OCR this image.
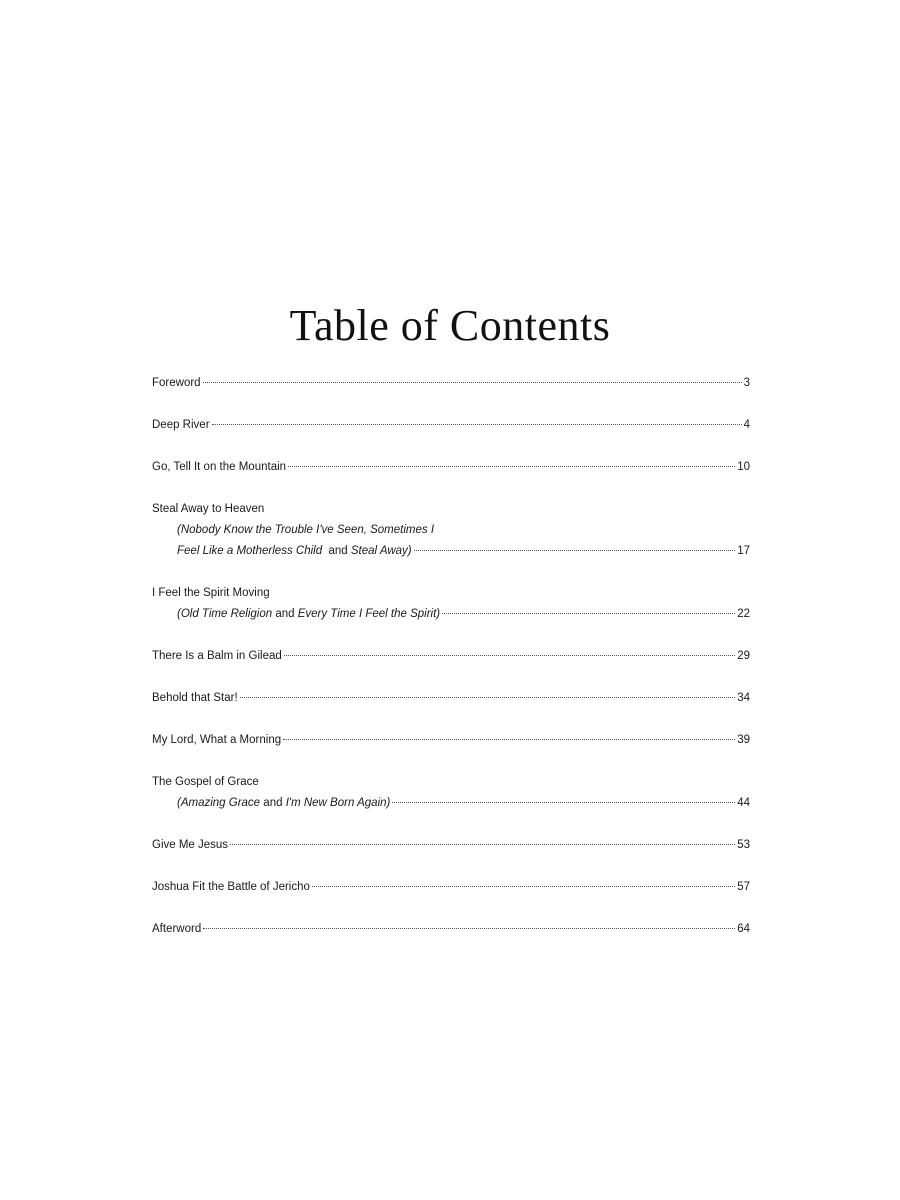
Table of Contents
Foreword	3
Deep River	4
Go, Tell It on the Mountain	10
Steal Away to Heaven
(Nobody Know the Trouble I've Seen, Sometimes I
Feel Like a Motherless Child and Steal Away)	17
I Feel the Spirit Moving
(Old Time Religion and Every Time I Feel the Spirit)	22
There Is a Balm in Gilead	29
Behold that Star!	34
My Lord, What a Morning	39
The Gospel of Grace
(Amazing Grace and I'm New Born Again)	44
Give Me Jesus	53
Joshua Fit the Battle of Jericho	57
Afterword	64
